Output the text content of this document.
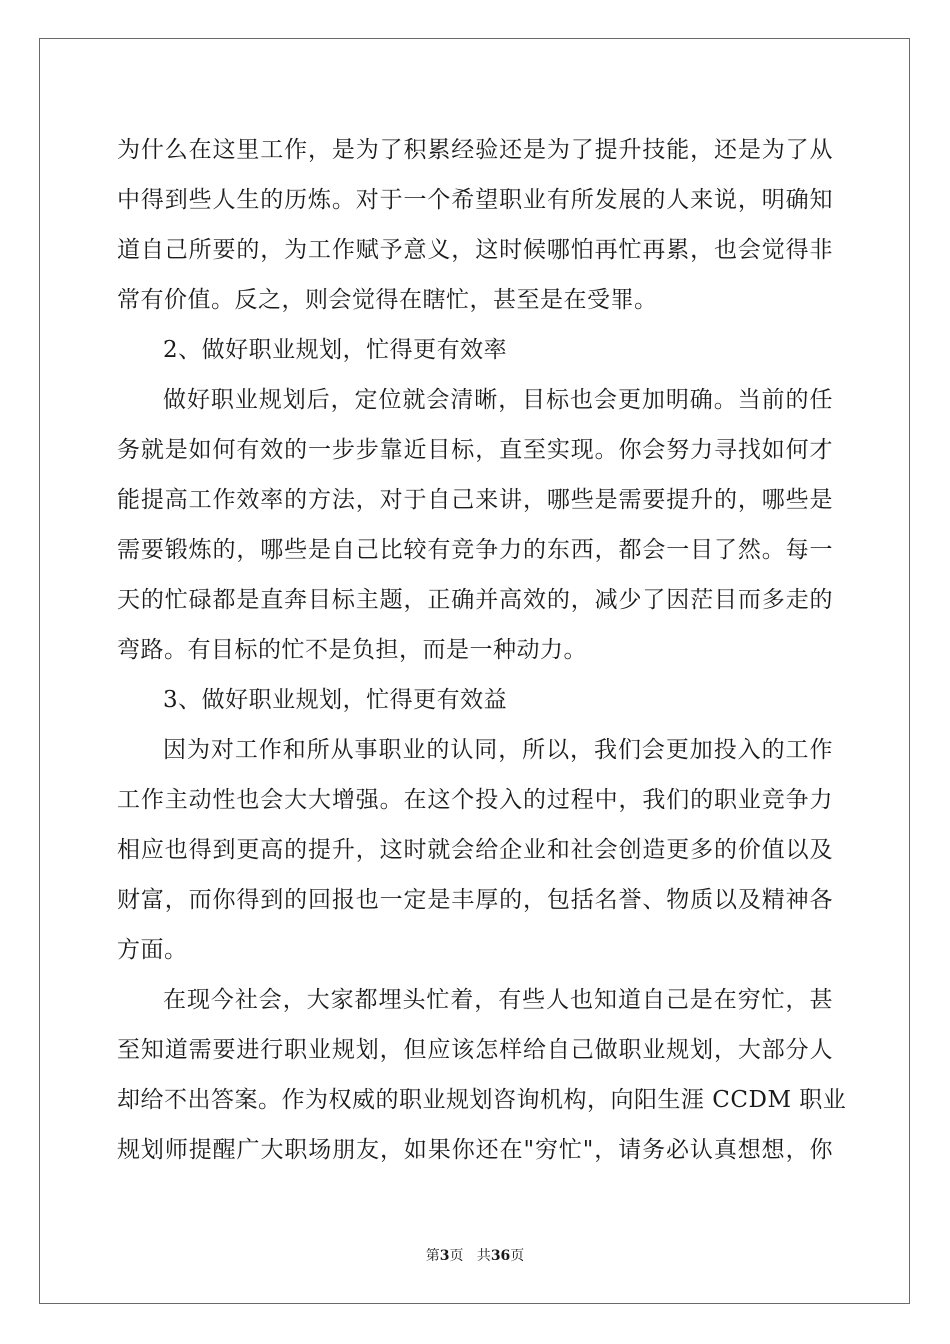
为什么在这里工作，是为了积累经验还是为了提升技能，还是为了从
中得到些人生的历炼。对于一个希望职业有所发展的人来说，明确知
道自己所要的，为工作赋予意义，这时候哪怕再忙再累，也会觉得非
常有价值。反之，则会觉得在瞎忙，甚至是在受罪。
2、做好职业规划，忙得更有效率
做好职业规划后，定位就会清晰，目标也会更加明确。当前的任
务就是如何有效的一步步靠近目标，直至实现。你会努力寻找如何才
能提高工作效率的方法，对于自己来讲，哪些是需要提升的，哪些是
需要锻炼的，哪些是自己比较有竞争力的东西，都会一目了然。每一
天的忙碌都是直奔目标主题，正确并高效的，减少了因茫目而多走的
弯路。有目标的忙不是负担，而是一种动力。
3、做好职业规划，忙得更有效益
因为对工作和所从事职业的认同，所以，我们会更加投入的工作
工作主动性也会大大增强。在这个投入的过程中，我们的职业竞争力
相应也得到更高的提升，这时就会给企业和社会创造更多的价值以及
财富，而你得到的回报也一定是丰厚的，包括名誉、物质以及精神各
方面。
在现今社会，大家都埋头忙着，有些人也知道自己是在穷忙，甚
至知道需要进行职业规划，但应该怎样给自己做职业规划，大部分人
却给不出答案。作为权威的职业规划咨询机构，向阳生涯 CCDM 职业
规划师提醒广大职场朋友，如果你还在"穷忙"，请务必认真想想，你
第3页 共36页
